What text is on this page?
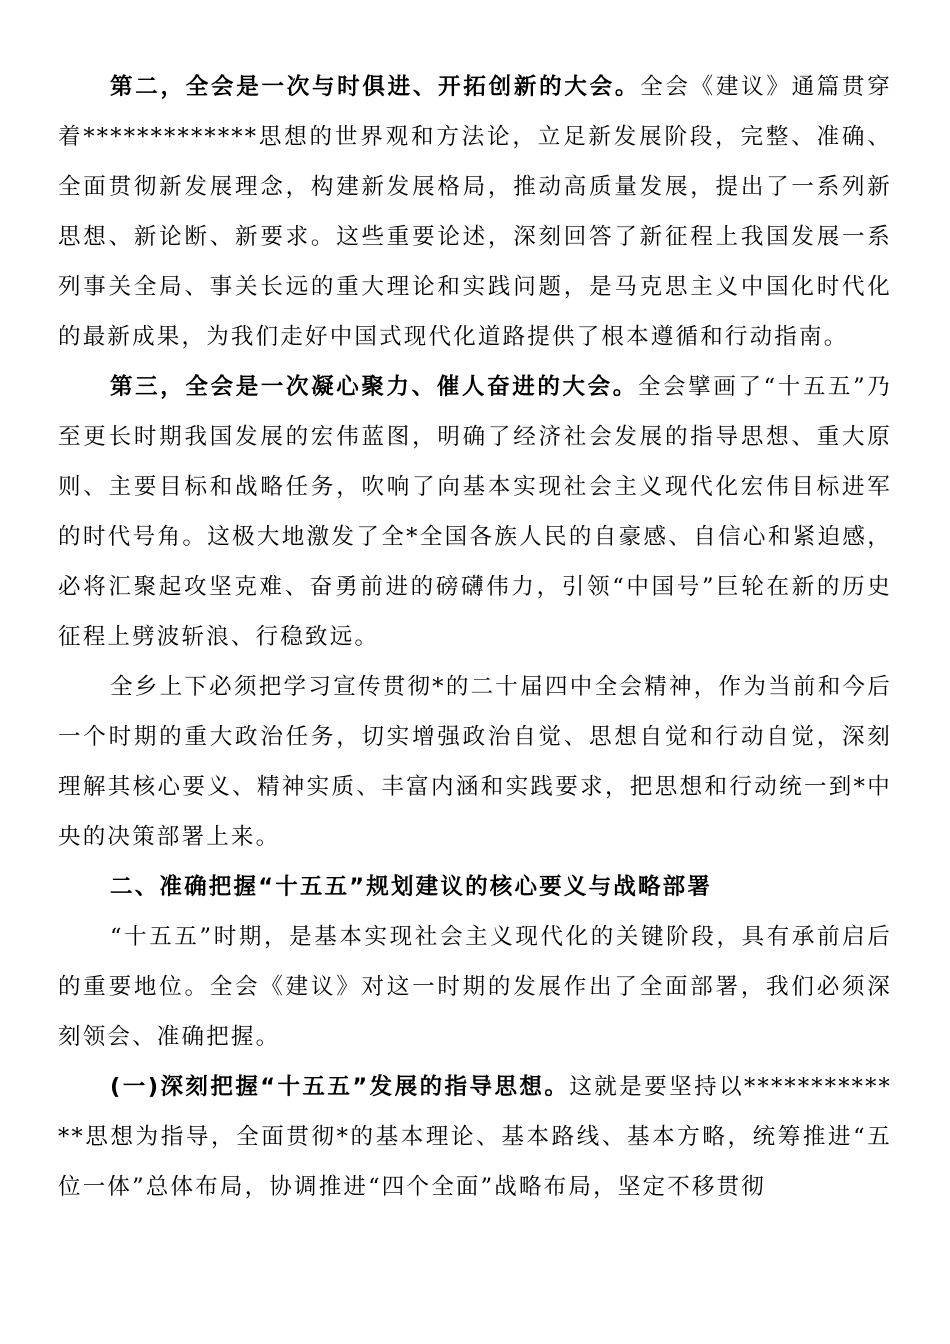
第二，全会是一次与时俱进、开拓创新的大会。全会《建议》通篇贯穿着*************思想的世界观和方法论，立足新发展阶段，完整、准确、全面贯彻新发展理念，构建新发展格局，推动高质量发展，提出了一系列新思想、新论断、新要求。这些重要论述，深刻回答了新征程上我国发展一系列事关全局、事关长远的重大理论和实践问题，是马克思主义中国化时代化的最新成果，为我们走好中国式现代化道路提供了根本遵循和行动指南。

第三，全会是一次凝心聚力、催人奋进的大会。全会擘画了“十五五”乃至更长时期我国发展的宏伟蓝图，明确了经济社会发展的指导思想、重大原则、主要目标和战略任务，吹响了向基本实现社会主义现代化宏伟目标进军的时代号角。这极大地激发了全*全国各族人民的自豪感、自信心和紧迫感，必将汇聚起攻坚克难、奋勇前进的磅礴伟力，引领“中国号”巨轮在新的历史征程上劈波斩浪、行稳致远。

全乡上下必须把学习宣传贯彻*的二十届四中全会精神，作为当前和今后一个时期的重大政治任务，切实增强政治自觉、思想自觉和行动自觉，深刻理解其核心要义、精神实质、丰富内涵和实践要求，把思想和行动统一到*中央的决策部署上来。

二、准确把握“十五五”规划建议的核心要义与战略部署

“十五五”时期，是基本实现社会主义现代化的关键阶段，具有承前启后的重要地位。全会《建议》对这一时期的发展作出了全面部署，我们必须深刻领会、准确把握。

(一)深刻把握“十五五”发展的指导思想。这就是要坚持以*************思想为指导，全面贯彻*的基本理论、基本路线、基本方略，统筹推进“五位一体”总体布局，协调推进“四个全面”战略布局，坚定不移贯彻
